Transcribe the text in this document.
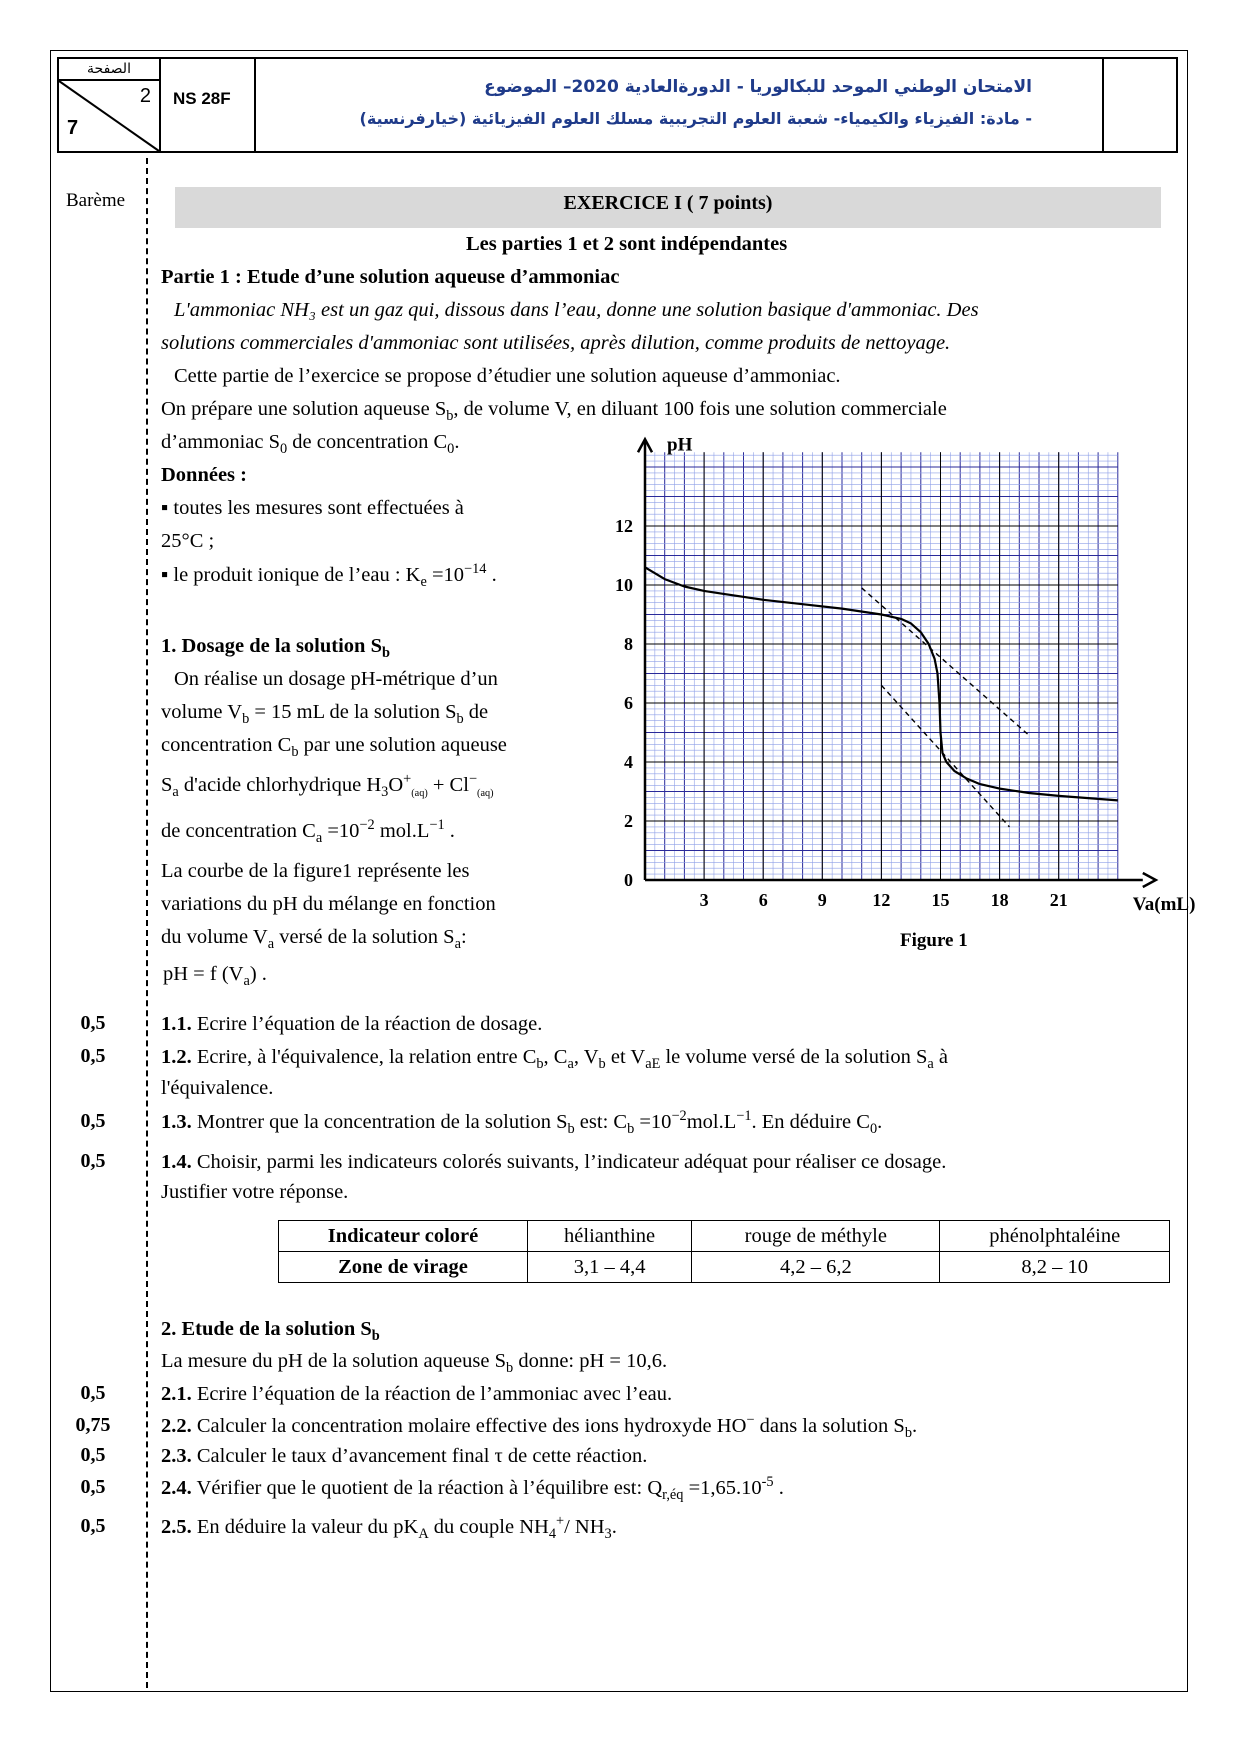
الصفحة
2
7
NS 28F
الامتحان الوطني الموحد للبكالوريا - الدورةالعادية 2020– الموضوع
- مادة: الفيزياء والكيمياء- شعبة العلوم التجريبية مسلك العلوم الفيزيائية (خيارفرنسية)
Barème	EXERCICE I ( 7 points)
Les parties 1 et 2 sont indépendantes
Partie 1 : Etude d’une solution aqueuse d’ammoniac
L'ammoniac NH₃ est un gaz qui, dissous dans l’eau, donne une solution basique d'ammoniac. Des
solutions commerciales d'ammoniac sont utilisées, après dilution, comme produits de nettoyage.
Cette partie de l’exercice se propose d’étudier une solution aqueuse d’ammoniac.
On prépare une solution aqueuse $S_b$, de volume V, en diluant 100 fois une solution commerciale
d’ammoniac $S_0$ de concentration $C_0$.
Données :
▪ toutes les mesures sont effectuées à
25°C ;
▪ le produit ionique de l’eau : $K_e =10^{-14}$ .
1. Dosage de la solution $S_b$
On réalise un dosage pH-métrique d’un
volume $V_b = 15$ mL de la solution $S_b$ de
concentration $C_b$ par une solution aqueuse
$S_a$ d'acide chlorhydrique $H_3O^+_{(aq)} + Cl^-_{(aq)}$
de concentration $C_a =10^{-2}$ $mol.L^{-1}$ .
La courbe de la figure1 représente les
variations du pH du mélange en fonction
du volume $V_a$ versé de la solution $S_a$:
pH = f $(V_a)$ .
3	6	9	12 15 18 21
0
2
4
6
8
10
12
Va(mL)
pH
Figure 1
0,5	1.1. Ecrire l’équation de la réaction de dosage.
0,5	1.2. Ecrire, à l'équivalence, la relation entre $C_b$, $C_a$, $V_b$ et $V_{aE}$ le volume versé de la solution $S_a$ à
l'équivalence.
0,5	1.3. Montrer que la concentration de la solution $S_b$ est: $C_b =10^{-2}mol.L^{-1}$. En déduire $C_0$.
0,5	1.4. Choisir, parmi les indicateurs colorés suivants, l’indicateur adéquat pour réaliser ce dosage.
Justifier votre réponse.
Indicateur coloré	hélianthine	rouge de méthyle	phénolphtaléine
Zone de virage	3,1 – 4,4	4,2 – 6,2	8,2 – 10
2. Etude de la solution $S_b$
La mesure du pH de la solution aqueuse $S_b$ donne: pH = 10,6.
0,5	2.1. Ecrire l’équation de la réaction de l’ammoniac avec l’eau.
0,75	2.2. Calculer la concentration molaire effective des ions hydroxyde HO− dans la solution $S_b$.
0,5	2.3. Calculer le taux d’avancement final τ de cette réaction.
0,5	2.4. Vérifier que le quotient de la réaction à l’équilibre est: $Q_{r,éq} =1,65.10^{-5}$ .
0,5	2.5. En déduire la valeur du $pK_A$ du couple $NH_4^+/$ $NH_3$.
